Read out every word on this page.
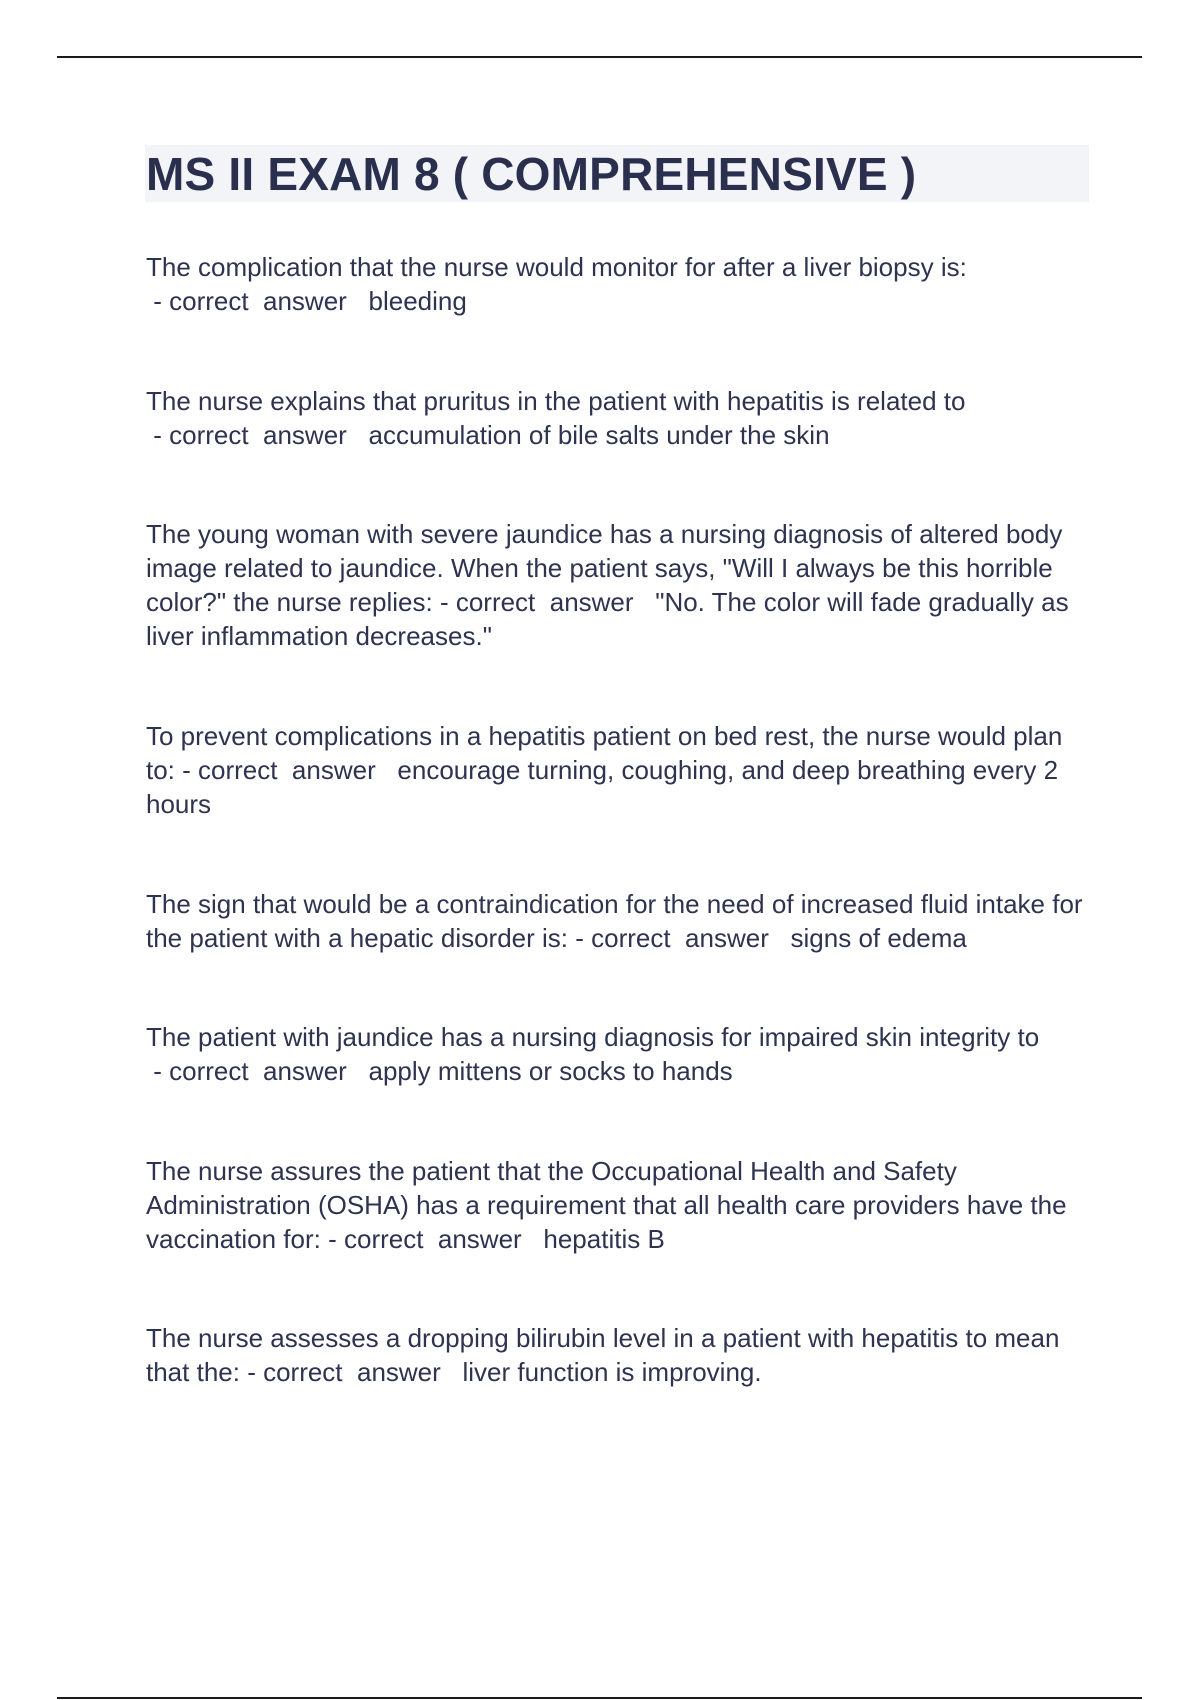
MS II EXAM 8 ( COMPREHENSIVE )

The complication that the nurse would monitor for after a liver biopsy is: - correct  answer   bleeding

The nurse explains that pruritus in the patient with hepatitis is related to - correct  answer   accumulation of bile salts under the skin

The young woman with severe jaundice has a nursing diagnosis of altered body image related to jaundice. When the patient says, "Will I always be this horrible color?" the nurse replies: - correct  answer   "No. The color will fade gradually as liver inflammation decreases."

To prevent complications in a hepatitis patient on bed rest, the nurse would plan to: - correct  answer   encourage turning, coughing, and deep breathing every 2 hours

The sign that would be a contraindication for the need of increased fluid intake for the patient with a hepatic disorder is: - correct  answer   signs of edema

The patient with jaundice has a nursing diagnosis for impaired skin integrity to - correct  answer   apply mittens or socks to hands

The nurse assures the patient that the Occupational Health and Safety Administration (OSHA) has a requirement that all health care providers have the vaccination for: - correct  answer   hepatitis B

The nurse assesses a dropping bilirubin level in a patient with hepatitis to mean that the: - correct  answer   liver function is improving.
